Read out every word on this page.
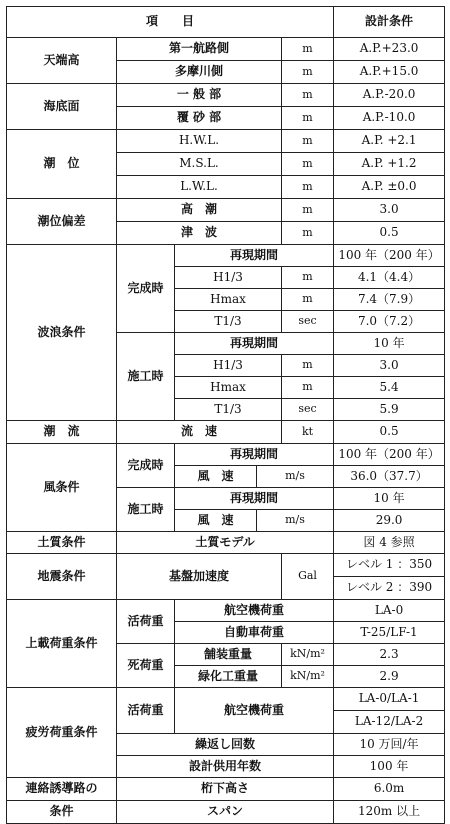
項　　目					設計条件
天端高	第一航路側			m	A.P.+23.0
	多摩川側			m	A.P.+15.0
海底面	一 般 部			m	A.P.-20.0
	覆 砂 部			m	A.P.-10.0
潮　位	H.W.L.			m	A.P. +2.1
	M.S.L.			m	A.P. +1.2
	L.W.L.			m	A.P. ±0.0
潮位偏差	高　潮			m	3.0
	津　波			m	0.5
波浪条件	完成時	再現期間			100 年（200 年）
		H1/3		m	4.1（4.4）
		Hmax		m	7.4（7.9）
		T1/3		sec	7.0（7.2）
	施工時	再現期間			10 年
		H1/3		m	3.0
		Hmax		m	5.4
		T1/3		sec	5.9
潮　流	流　速			kt	0.5
風条件	完成時	再現期間			100 年（200 年）
		風　速	m/s		36.0（37.7）
	施工時	再現期間			10 年
		風　速	m/s		29.0
土質条件	土質モデル				図 4 参照
地震条件	基盤加速度			Gal	レベル 1 ：350
					レベル 2 ：390
上載荷重条件	活荷重	航空機荷重			LA-0
		自動車荷重			T-25/LF-1
	死荷重	舗装重量		kN/m²	2.3
		緑化工重量		kN/m²	2.9
疲労荷重条件	活荷重	航空機荷重			LA-0/LA-1
					LA-12/LA-2
	繰返し回数				10 万回/年
	設計供用年数				100 年
連絡誘導路の	桁下高さ				6.0m
条件	スパン				120m 以上
